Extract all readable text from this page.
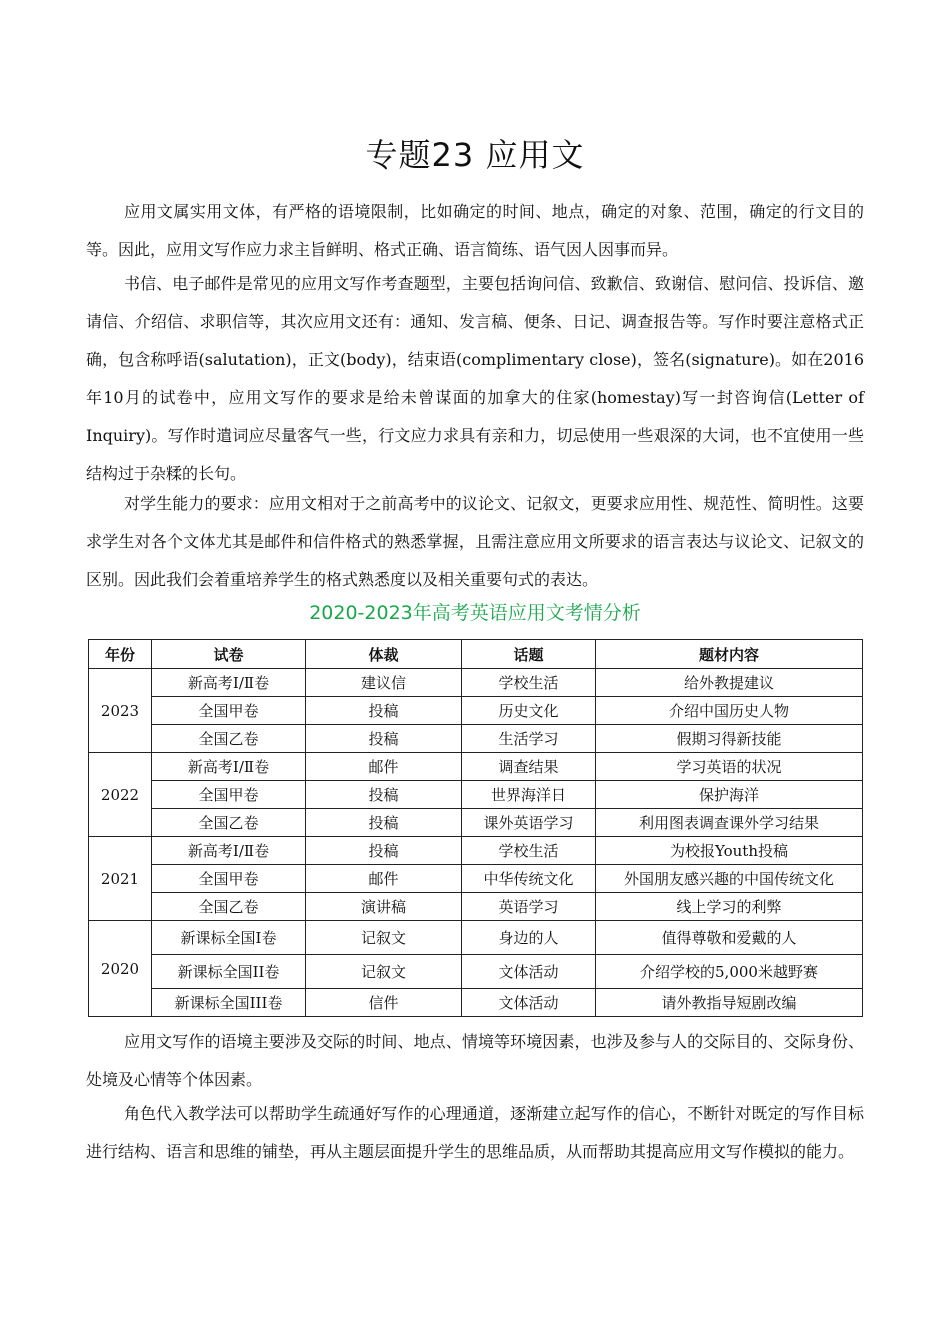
专题23 应用文

应用文属实用文体，有严格的语境限制，比如确定的时间、地点，确定的对象、范围，确定的行文目的等。因此，应用文写作应力求主旨鲜明、格式正确、语言简练、语气因人因事而异。

书信、电子邮件是常见的应用文写作考查题型，主要包括询问信、致歉信、致谢信、慰问信、投诉信、邀请信、介绍信、求职信等，其次应用文还有：通知、发言稿、便条、日记、调查报告等。写作时要注意格式正确，包含称呼语(salutation)，正文(body)，结束语(complimentary close)，签名(signature)。如在2016年10月的试卷中，应用文写作的要求是给未曾谋面的加拿大的住家(homestay)写一封咨询信(Letter of Inquiry)。写作时遣词应尽量客气一些，行文应力求具有亲和力，切忌使用一些艰深的大词，也不宜使用一些结构过于杂糅的长句。

对学生能力的要求：应用文相对于之前高考中的议论文、记叙文，更要求应用性、规范性、简明性。这要求学生对各个文体尤其是邮件和信件格式的熟悉掌握，且需注意应用文所要求的语言表达与议论文、记叙文的区别。因此我们会着重培养学生的格式熟悉度以及相关重要句式的表达。

2020-2023年高考英语应用文考情分析
年份	试卷	体裁	话题	题材内容
2023	新高考Ⅰ/Ⅱ卷	建议信	学校生活	给外教提建议
	全国甲卷	投稿	历史文化	介绍中国历史人物
	全国乙卷	投稿	生活学习	假期习得新技能
2022	新高考Ⅰ/Ⅱ卷	邮件	调查结果	学习英语的状况
	全国甲卷	投稿	世界海洋日	保护海洋
	全国乙卷	投稿	课外英语学习	利用图表调查课外学习结果
2021	新高考Ⅰ/Ⅱ卷	投稿	学校生活	为校报Youth投稿
	全国甲卷	邮件	中华传统文化	外国朋友感兴趣的中国传统文化
	全国乙卷	演讲稿	英语学习	线上学习的利弊
2020	新课标全国Ⅰ卷	记叙文	身边的人	值得尊敬和爱戴的人
	新课标全国II卷	记叙文	文体活动	介绍学校的5,000米越野赛
	新课标全国III卷	信件	文体活动	请外教指导短剧改编

应用文写作的语境主要涉及交际的时间、地点、情境等环境因素，也涉及参与人的交际目的、交际身份、处境及心情等个体因素。

角色代入教学法可以帮助学生疏通好写作的心理通道，逐渐建立起写作的信心，不断针对既定的写作目标进行结构、语言和思维的铺垫，再从主题层面提升学生的思维品质，从而帮助其提高应用文写作模拟的能力。
